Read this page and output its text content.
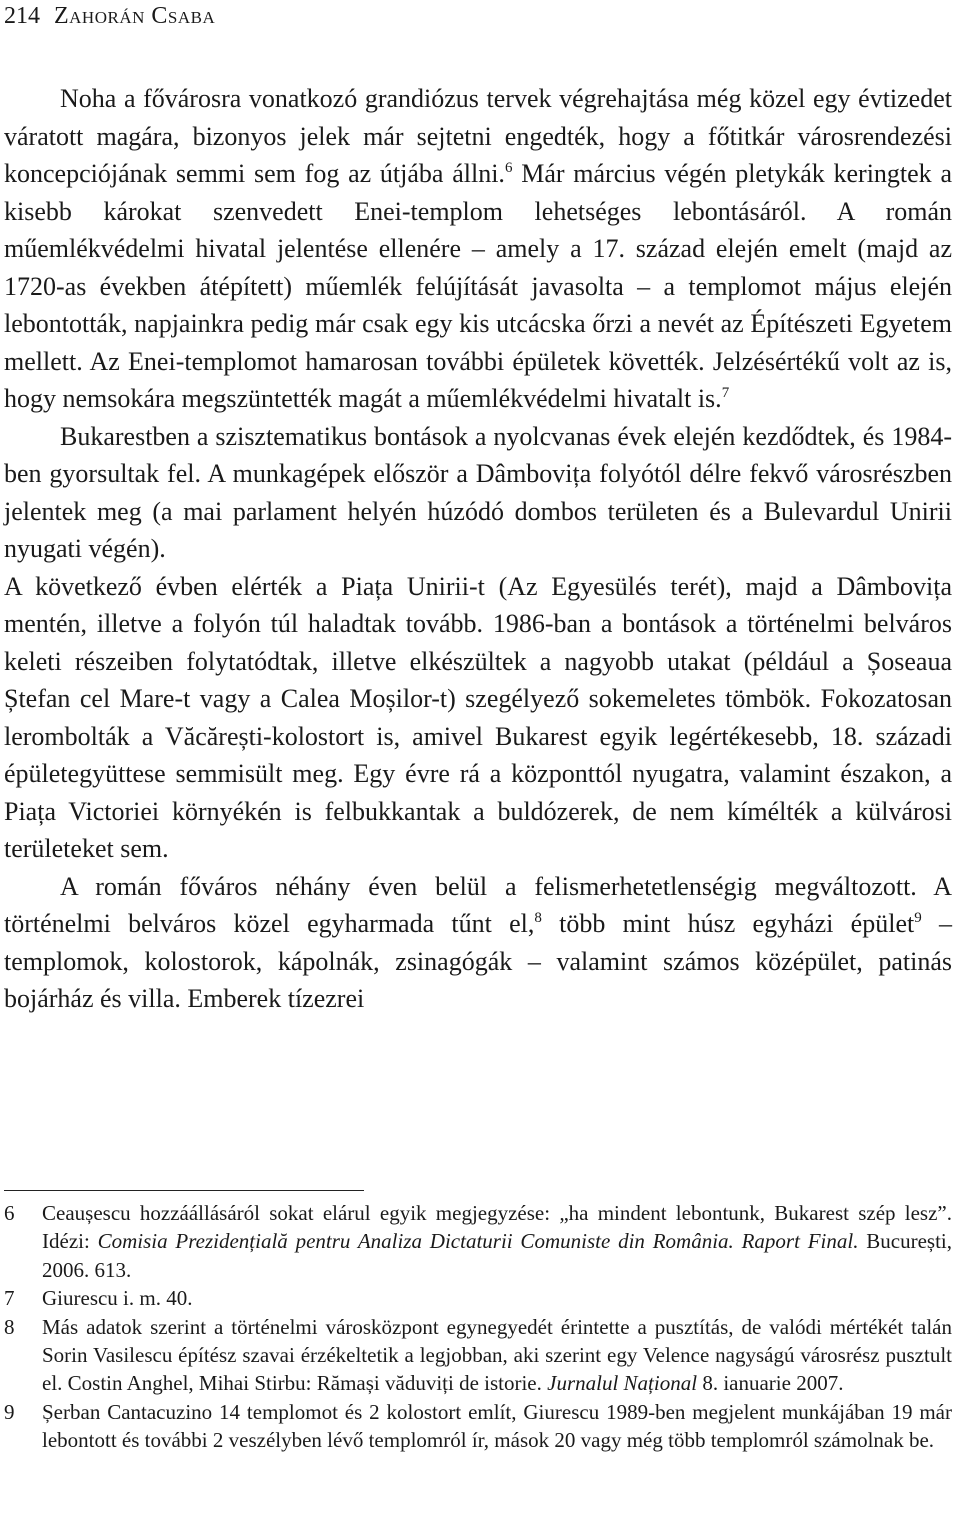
214 Zahorán Csaba

Noha a fővárosra vonatkozó grandiózus tervek végrehajtása még közel egy évtizedet váratott magára, bizonyos jelek már sejtetni engedték, hogy a főtitkár városrendezési koncepciójának semmi sem fog az útjába állni.$^6$ Már március végén pletykák keringtek a kisebb károkat szenvedett Enei-templom lehetséges lebontásáról. A román műemlékvédelmi hivatal jelentése ellenére – amely a 17. század elején emelt (majd az 1720-as években átépített) műemlék felújítását javasolta – a templomot május elején lebontották, napjainkra pedig már csak egy kis utcácska őrzi a nevét az Építészeti Egyetem mellett. Az Enei-templomot hamarosan további épületek követték. Jelzésértékű volt az is, hogy nemsokára megszüntették magát a műemlékvédelmi hivatalt is.$^7$

Bukarestben a szisztematikus bontások a nyolcvanas évek elején kezdődtek, és 1984-ben gyorsultak fel. A munkagépek először a Dâmbovița folyótól délre fekvő városrészben jelentek meg (a mai parlament helyén húzódó dombos területen és a Bulevardul Unirii nyugati végén).

A következő évben elérték a Piața Unirii-t (Az Egyesülés terét), majd a Dâmbovița mentén, illetve a folyón túl haladtak tovább. 1986-ban a bontások a történelmi belváros keleti részeiben folytatódtak, illetve elkészültek a nagyobb utakat (például a Șoseaua Ștefan cel Mare-t vagy a Calea Moșilor-t) szegélyező sokemeletes tömbök. Fokozatosan lerombolták a Văcărești-kolostort is, amivel Bukarest egyik legértékesebb, 18. századi épületegyüttese semmisült meg. Egy évre rá a központtól nyugatra, valamint északon, a Piața Victoriei környékén is felbukkantak a buldózerek, de nem kímélték a külvárosi területeket sem.

A román főváros néhány éven belül a felismerhetetlenségig megváltozott. A történelmi belváros közel egyharmada tűnt el,$^8$ több mint húsz egyházi épület$^9$ – templomok, kolostorok, kápolnák, zsinagógák – valamint számos középület, patinás bojárház és villa. Emberek tízezrei

6	Ceaușescu hozzáállásáról sokat elárul egyik megjegyzése: „ha mindent lebontunk, Bukarest szép lesz”. Idézi: Comisia Prezidențială pentru Analiza Dictaturii Comuniste din România. Raport Final. București, 2006. 613.
7	Giurescu i. m. 40.
8	Más adatok szerint a történelmi városközpont egynegyedét érintette a pusztítás, de valódi mértékét talán Sorin Vasilescu építész szavai érzékeltetik a legjobban, aki szerint egy Velence nagyságú városrész pusztult el. Costin Anghel, Mihai Stirbu: Rămași văduviți de istorie. Jurnalul Național 8. ianuarie 2007.
9	Șerban Cantacuzino 14 templomot és 2 kolostort említ, Giurescu 1989-ben megjelent munkájában 19 már lebontott és további 2 veszélyben lévő templomról ír, mások 20 vagy még több templomról számolnak be.
